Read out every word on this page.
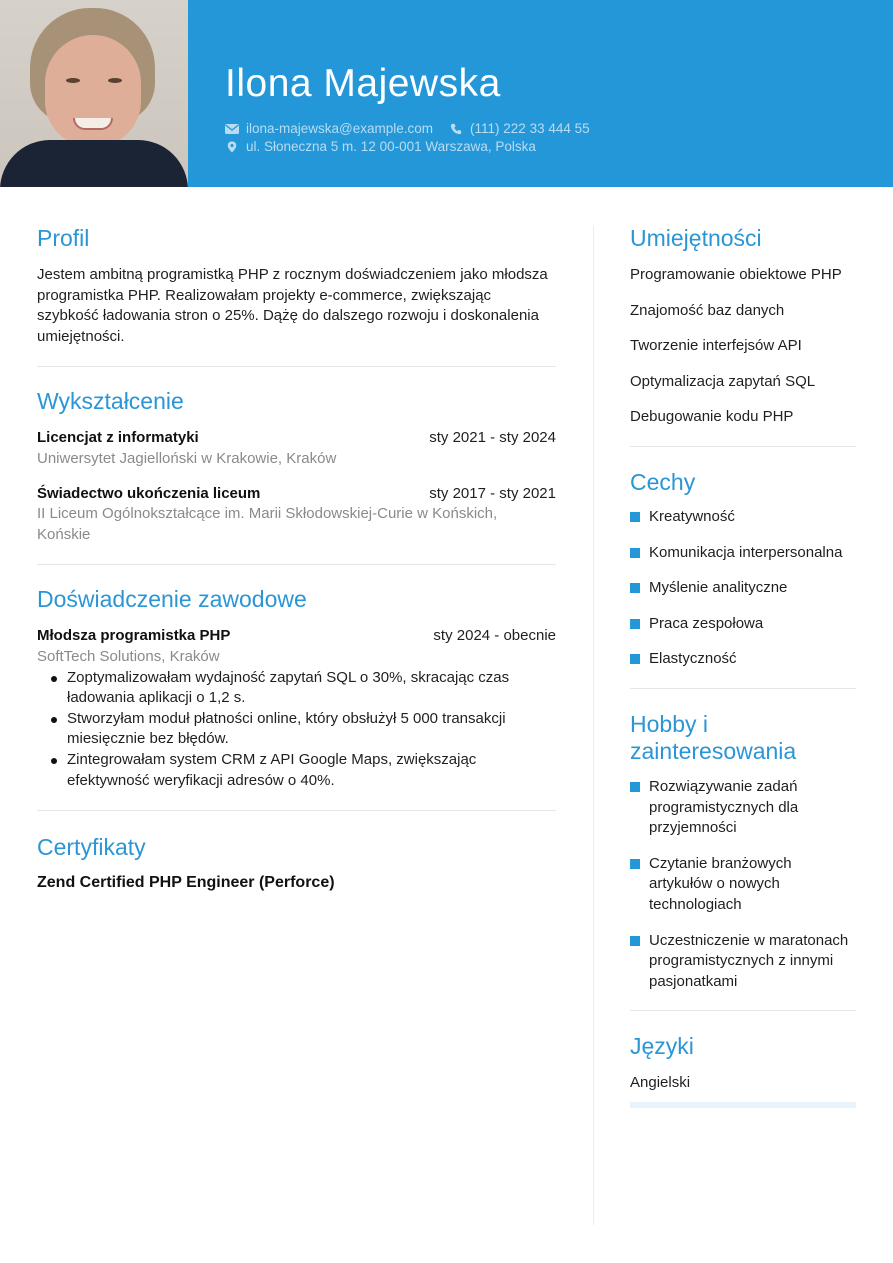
Ilona Majewska
ilona-majewska@example.com	(111) 222 33 444 55
ul. Słoneczna 5 m. 12 00-001 Warszawa, Polska
Profil

Jestem ambitną programistką PHP z rocznym doświadczeniem jako młodsza programistka PHP. Realizowałam projekty e-commerce, zwiększając szybkość ładowania stron o 25%. Dążę do dalszego rozwoju i doskonalenia umiejętności.

Wykształcenie
Licencjat z informatyki	sty 2021 - sty 2024
Uniwersytet Jagielloński w Krakowie, Kraków
Świadectwo ukończenia liceum	sty 2017 - sty 2021
II Liceum Ogólnokształcące im. Marii Skłodowskiej-Curie w Końskich, Końskie
Doświadczenie zawodowe
Młodsza programistka PHP	sty 2024 - obecnie
SoftTech Solutions, Kraków
Zoptymalizowałam wydajność zapytań SQL o 30%, skracając czas ładowania aplikacji o 1,2 s.
Stworzyłam moduł płatności online, który obsłużył 5 000 transakcji miesięcznie bez błędów.
Zintegrowałam system CRM z API Google Maps, zwiększając efektywność weryfikacji adresów o 40%.
Certyfikaty
Zend Certified PHP Engineer (Perforce)
Umiejętności
Programowanie obiektowe PHP
Znajomość baz danych
Tworzenie interfejsów API
Optymalizacja zapytań SQL
Debugowanie kodu PHP
Cechy
Kreatywność
Komunikacja interpersonalna
Myślenie analityczne
Praca zespołowa
Elastyczność
Hobby i zainteresowania
Rozwiązywanie zadań programistycznych dla przyjemności
Czytanie branżowych artykułów o nowych technologiach
Uczestniczenie w maratonach programistycznych z innymi pasjonatkami
Języki
Angielski
